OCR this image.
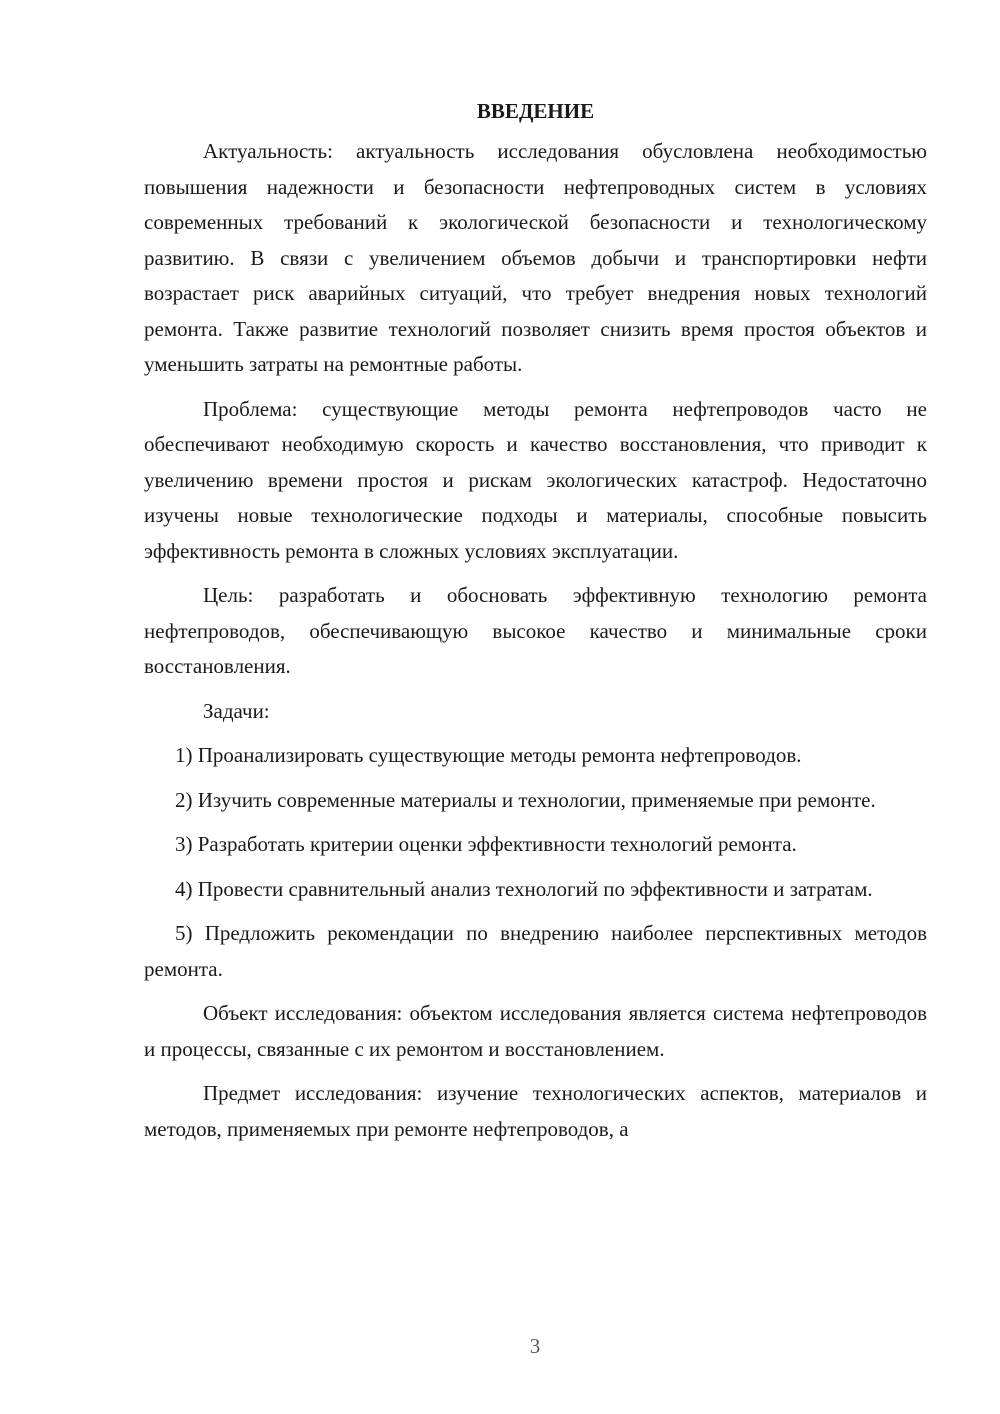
ВВЕДЕНИЕ

Актуальность: актуальность исследования обусловлена необходимостью повышения надежности и безопасности нефтепроводных систем в условиях современных требований к экологической безопасности и технологическому развитию. В связи с увеличением объемов добычи и транспортировки нефти возрастает риск аварийных ситуаций, что требует внедрения новых технологий ремонта. Также развитие технологий позволяет снизить время простоя объектов и уменьшить затраты на ремонтные работы.

Проблема: существующие методы ремонта нефтепроводов часто не обеспечивают необходимую скорость и качество восстановления, что приводит к увеличению времени простоя и рискам экологических катастроф. Недостаточно изучены новые технологические подходы и материалы, способные повысить эффективность ремонта в сложных условиях эксплуатации.

Цель: разработать и обосновать эффективную технологию ремонта нефтепроводов, обеспечивающую высокое качество и минимальные сроки восстановления.

Задачи:

1) Проанализировать существующие методы ремонта нефтепроводов.

2) Изучить современные материалы и технологии, применяемые при ремонте.

3) Разработать критерии оценки эффективности технологий ремонта.

4) Провести сравнительный анализ технологий по эффективности и затратам.

5) Предложить рекомендации по внедрению наиболее перспективных методов ремонта.

Объект исследования: объектом исследования является система нефтепроводов и процессы, связанные с их ремонтом и восстановлением.

Предмет исследования: изучение технологических аспектов, материалов и методов, применяемых при ремонте нефтепроводов, а

3
